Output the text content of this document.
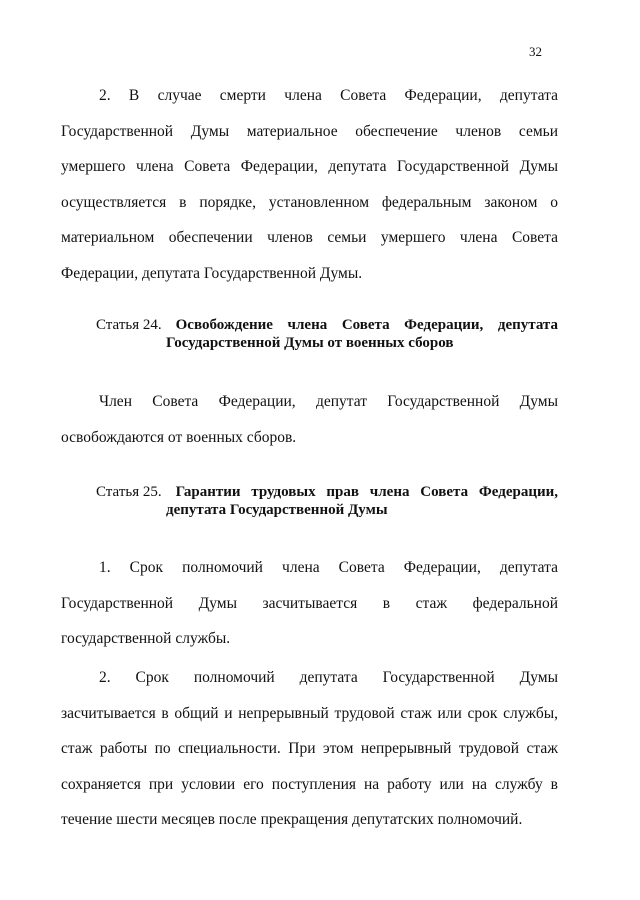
32

2. В случае смерти члена Совета Федерации, депутата
Государственной Думы материальное обеспечение членов семьи
умершего члена Совета Федерации, депутата Государственной Думы
осуществляется в порядке, установленном федеральным законом о
материальном обеспечении членов семьи умершего члена Совета
Федерации, депутата Государственной Думы.

Статья 24. Освобождение члена Совета Федерации, депутата
Государственной Думы от военных сборов

Член Совета Федерации, депутат Государственной Думы
освобождаются от военных сборов.

Статья 25. Гарантии трудовых прав члена Совета Федерации,
депутата Государственной Думы

1. Срок полномочий члена Совета Федерации, депутата
Государственной Думы засчитывается в стаж федеральной
государственной службы.

2. Срок полномочий депутата Государственной Думы
засчитывается в общий и непрерывный трудовой стаж или срок службы,
стаж работы по специальности. При этом непрерывный трудовой стаж
сохраняется при условии его поступления на работу или на службу в
течение шести месяцев после прекращения депутатских полномочий.
